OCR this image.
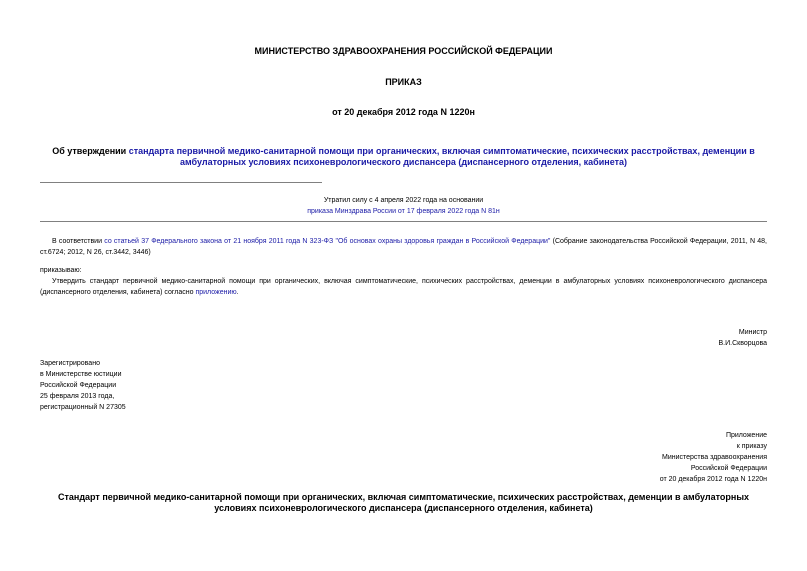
МИНИСТЕРСТВО ЗДРАВООХРАНЕНИЯ РОССИЙСКОЙ ФЕДЕРАЦИИ
ПРИКАЗ
от 20 декабря 2012 года N 1220н
Об утверждении стандарта первичной медико-санитарной помощи при органических, включая симптоматические, психических расстройствах, деменции в амбулаторных условиях психоневрологического диспансера (диспансерного отделения, кабинета)
Утратил силу с 4 апреля 2022 года на основании
приказа Минздрава России от 17 февраля 2022 года N 81н
В соответствии со статьей 37 Федерального закона от 21 ноября 2011 года N 323-ФЗ "Об основах охраны здоровья граждан в Российской Федерации" (Собрание законодательства Российской Федерации, 2011, N 48, ст.6724; 2012, N 26, ст.3442, 3446)
приказываю:
Утвердить стандарт первичной медико-санитарной помощи при органических, включая симптоматические, психических расстройствах, деменции в амбулаторных условиях психоневрологического диспансера (диспансерного отделения, кабинета) согласно приложению.
Министр
В.И.Скворцова
Зарегистрировано
в Министерстве юстиции
Российской Федерации
25 февраля 2013 года,
регистрационный N 27305
Приложение
к приказу
Министерства здравоохранения
Российской Федерации
от 20 декабря 2012 года N 1220н
Стандарт первичной медико-санитарной помощи при органических, включая симптоматические, психических расстройствах, деменции в амбулаторных условиях психоневрологического диспансера (диспансерного отделения, кабинета)
